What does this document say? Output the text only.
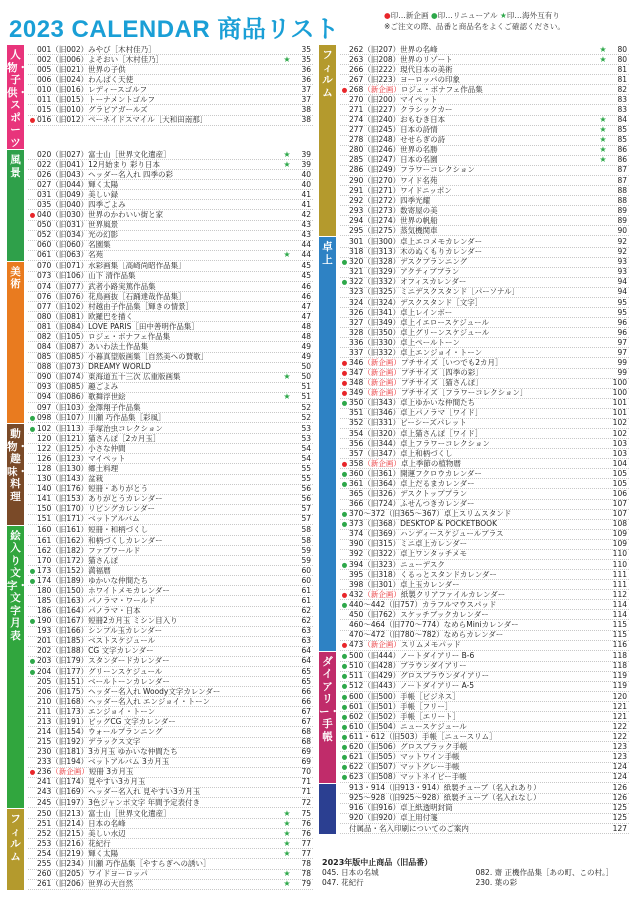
2023 CALENDAR 商品リスト
●印…新企画 ●印…リニューアル ★印…海外互有り
※ご注文の際、品番と商品名をよくご確認ください。
人物・子供・スポーツ
001（旧002）みやび［木村佳乃］	35
002（旧006）よそおい［木村佳乃］	★	35
005（旧021）世界の子供	36
006（旧024）わんぱく天使	36
010（旧016）レディースゴルフ	37
011（旧015）トーナメントゴルフ	37
015（旧010）グラビアガールズ	38
● 016（旧012）ペーネイドスマイル［大和田南那］	38
風景
020（旧027）富士山［世界文化遺産］	★	39
022（旧041）12月始まり 彩り日本	★	39
026（旧043）ヘッダー名入れ 四季の彩	40
027（旧044）輝く太陽	40
031（旧049）美しい録	41
035（旧040）四季ごよみ	41
● 040（旧030）世界のかわいい街と家	42
050（旧031）世界風景	43
052（旧034）光の幻影	43
060（旧060）名園集	44
061（旧063）名苑	★	44
美術
070（旧071）水彩画集［高崎尚昭作品集］	45
073（旧106）山下 清作品集	45
074（旧077）武者小路実篤作品集	46
076（旧076）花鳥画抜［石踊達哉作品集］	46
077（旧102）村越由子作品集［輝きの情景］	47
080（旧081）欧羅巴を描く	47
081（旧084）LOVE PARIS［田中善明作品集］	48
082（旧105）ロジェ・ボナフェ作品集	48
084（旧087）あいわ法土作品集	49
085（旧085）小暮真望版画集［自然美への賛歌］	49
088（旧073）DREAMY WORLD	50
090（旧074）東海道五十三次 広重版画集	★	50
093（旧085）趣ごよみ	51
094（旧086）歌舞浮世絵	★	51
097（旧103）金澤翔子作品集	52
● 098（旧107）川瀬 巧作品集［彩風］	52
動物・趣味・料理
● 102（旧113）手塚治虫コレクション	53
120（旧121）猫さんぽ［2カ月玉］	53
122（旧125）小さな仲間	54
126（旧123）マイペット	54
128（旧130）郷土料理	55
130（旧143）盆栽	55
140（旧176）短冊・ありがとう	56
141（旧153）ありがとうカレンダー	56
150（旧170）リビングカレンダー	57
151（旧171）ベットアルバム	57
絵入り文字・文字月表
160（旧161）短冊・和柄づくし	58
161（旧162）和柄づくしカレンダー	58
162（旧182）ファブワールド	59
170（旧172）猫さんぽ	59
● 173（旧152）満福暦	60
● 174（旧189）ゆかいな仲間たち	60
180（旧150）ホワイトメモカレンダー	61
185（旧163）パノラマ・ワールド	61
186（旧164）パノラマ・日本	62
● 190（旧167）短冊2カ月玉 ミシン目入り	62
193（旧166）シンプル玉カレンダー	63
201（旧185）ベストスケジュール	63
202（旧188）CG 文字カレンダー	64
● 203（旧179）スタンダードカレンダー	64
● 204（旧177）グリーンスケジュール	65
205（旧151）ベールトーンカレンダー	65
206（旧175）ヘッダー名入れ Woody文字カレンダー	66
210（旧168）ヘッダー名入れ エンジョイ・トーン	66
211（旧173）エンジョイ・トーン	67
213（旧191）ビッグCG 文字カレンダー	67
214（旧154）ウォールプランニング	68
215（旧192）デラックス文字	68
230（旧181）3カ月玉 ゆかいな仲間たち	69
233（旧194）ベットアルバム 3カ月玉	69
● 236（新企画）短冊 3カ月玉	70
241（旧174）見やすい3カ月玉	71
243（旧169）ヘッダー名入れ 見やすい3カ月玉	71
245（旧197）3色ジャンボ文字 年間予定表付き	72
フィルム
250（旧213）富士山［世界文化遺産］	★	75
251（旧214）日本の名峰	★	76
252（旧215）美しい水辺	★	76
253（旧216）花紀行	★	77
254（旧219）輝く太陽	★	77
255（旧234）川瀬 巧作品集［やすらぎへの誘い］	78
260（旧205）ワイドヨーロッパ	★	78
261（旧206）世界の大自然	★	79
フィルム
262（旧207）世界の名峰	★	80
263（旧208）世界のリゾート	★	80
266（旧222）現代日本の美術	81
267（旧223）ヨーロッパの印象	81
● 268（新企画）ロジェ・ボナフェ作品集	82
270（旧200）マイペット	83
271（旧227）クラシックカー	83
274（旧240）おもむき日本	★	84
277（旧245）日本の詩情	★	85
278（旧248）せせらぎの詩	★	85
280（旧246）世界の名勝	★	86
285（旧247）日本の名園	★	86
286（旧249）フラワーコレクション	87
290（旧270）ワイド名苑	87
291（旧271）ワイドニッポン	88
292（旧272）四季光耀	88
293（旧273）数寄屋の美	89
294（旧274）世界の帆船	89
295（旧275）蒸気機関車	90
卓上
301（旧300）卓上エコメモカレンダー	92
318（旧313）木のぬくもりカレンダー	92
● 320（旧328）デスクプランニング	93
321（旧329）アクティブプラン	93
● 322（旧332）オフィスカレンダー	94
323（旧325）ミニデスクスタンド［パーソナル］	94
324（旧324）デスクスタンド［文字］	95
326（旧341）卓上レインボー	95
327（旧349）卓上イエロースケジュール	96
328（旧350）卓上グリーンスケジュール	96
336（旧330）卓上ペールトーン	97
337（旧332）卓上エンジョイ・トーン	97
● 346（新企画）プチサイズ［いつでも2カ月］	99
● 347（新企画）プチサイズ［四季の彩］	99
● 348（新企画）プチサイズ［猫さんぽ］	100
● 349（新企画）プチサイズ［フラワーコレクション］	100
● 350（旧343）卓上ゆかいな仲間たち	101
351（旧346）卓上パノラマ［ワイド］	101
352（旧331）ビーシーズパレット	102
354（旧320）卓上猫さんぽ［ワイド］	102
356（旧344）卓上フラワーコレクション	103
357（旧347）卓上和柄づくし	103
● 358（新企画）卓上季節の植物暦	104
● 360（旧361）開運フクロウカレンダー	105
● 361（旧364）卓上だるまカレンダー	105
365（旧326）デスクトッププラン	106
366（旧724）ふせんつきカレンダー	107
● 370～372（旧365～367）卓上スリムスタンド	107
● 373（旧368）DESKTOP & POCKETBOOK	108
374（旧369）ハンディースケジュールプラス	109
390（旧315）ミニ卓上カレンダー	109
392（旧322）卓上ワンタッチメモ	110
● 394（旧323）ニューデスク	110
395（旧318）くるっとスタンドカレンダー	111
398（旧301）卓上玉カレンダー	111
● 432（新企画）紙製クリアファイルカレンダー	112
● 440～442（旧757）カラフルマウスパッド	114
450（旧762）スケッチブックカレンダー	114
460～464（旧770～774）なめらMiniカレンダー	115
470～472（旧780～782）なめらカレンダー	115
● 473（新企画）スリムメモパッド	116
ダイアリー・手帳
● 500（旧444）ノートダイアリー B-6	118
● 510（旧428）ブラウンダイアリー	118
● 511（旧429）グロスブラウンダイアリー	119
● 512（旧443）ノートダイアリー A-5	119
● 600（旧500）手帳［ビジネス］	120
● 601（旧501）手帳［フリー］	121
● 602（旧502）手帳［エリート］	121
● 610（旧504）ニュースケジュール	122
● 611・612（旧503）手帳［ニュースリム］	122
● 620（旧506）グロスブラック手帳	123
● 621（旧505）マットワイン手帳	123
● 622（旧507）マットグレー手帳	124
● 623（旧508）マットネイビー手帳	124
913・914（旧913・914）紙製チューブ（名入れあり）	126
925～928（旧925～928）紙製チューブ（名入れなし）	126
916（旧916）卓上紙透明封筒	125
920（旧920）卓上用付箋	125
付属品・名入印刷についてのご案内	127
2023年版中止商品（旧品番）
045. 日本の名城	082. 齋 正機作品集［あの町、この村。］
047. 花紀行	230. 葉の彩
